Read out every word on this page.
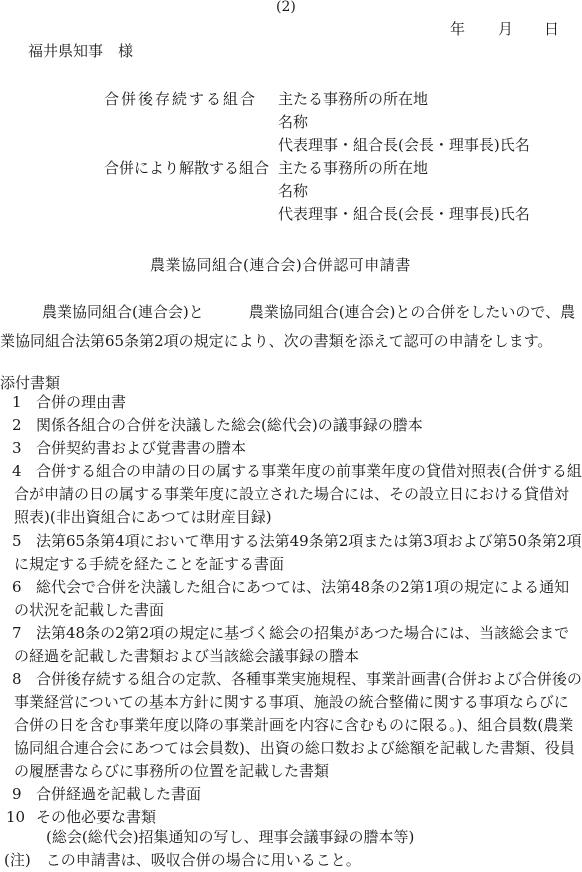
(2)
年 月 日
福井県知事　様
合併後存続する組合 主たる事務所の所在地
名称
代表理事・組合長(会長・理事長)氏名
合併により解散する組合 主たる事務所の所在地
名称
代表理事・組合長(会長・理事長)氏名
農業協同組合(連合会)合併認可申請書
農業協同組合(連合会)と　　　農業協同組合(連合会)との合併をしたいので、農業協同組合法第65条第2項の規定により、次の書類を添えて認可の申請をします。
添付書類
1 合併の理由書
2 関係各組合の合併を決議した総会(総代会)の議事録の謄本
3 合併契約書および覚書書の謄本
4 合併する組合の申請の日の属する事業年度の前事業年度の貸借対照表(合併する組合が申請の日の属する事業年度に設立された場合には、その設立日における貸借対照表)(非出資組合にあつては財産目録)
5 法第65条第4項において準用する法第49条第2項または第3項および第50条第2項に規定する手続を経たことを証する書面
6 総代会で合併を決議した組合にあつては、法第48条の2第1項の規定による通知の状況を記載した書面
7 法第48条の2第2項の規定に基づく総会の招集があつた場合には、当該総会までの経過を記載した書類および当該総会議事録の謄本
8 合併後存続する組合の定款、各種事業実施規程、事業計画書(合併および合併後の事業経営についての基本方針に関する事項、施設の統合整備に関する事項ならびに合併の日を含む事業年度以降の事業計画を内容に含むものに限る。)、組合員数(農業協同組合連合会にあつては会員数)、出資の総口数および総額を記載した書類、役員の履歴書ならびに事務所の位置を記載した書類
9 合併経過を記載した書面
10 その他必要な書類
(総会(総代会)招集通知の写し、理事会議事録の謄本等)
(注)　この申請書は、吸収合併の場合に用いること。
